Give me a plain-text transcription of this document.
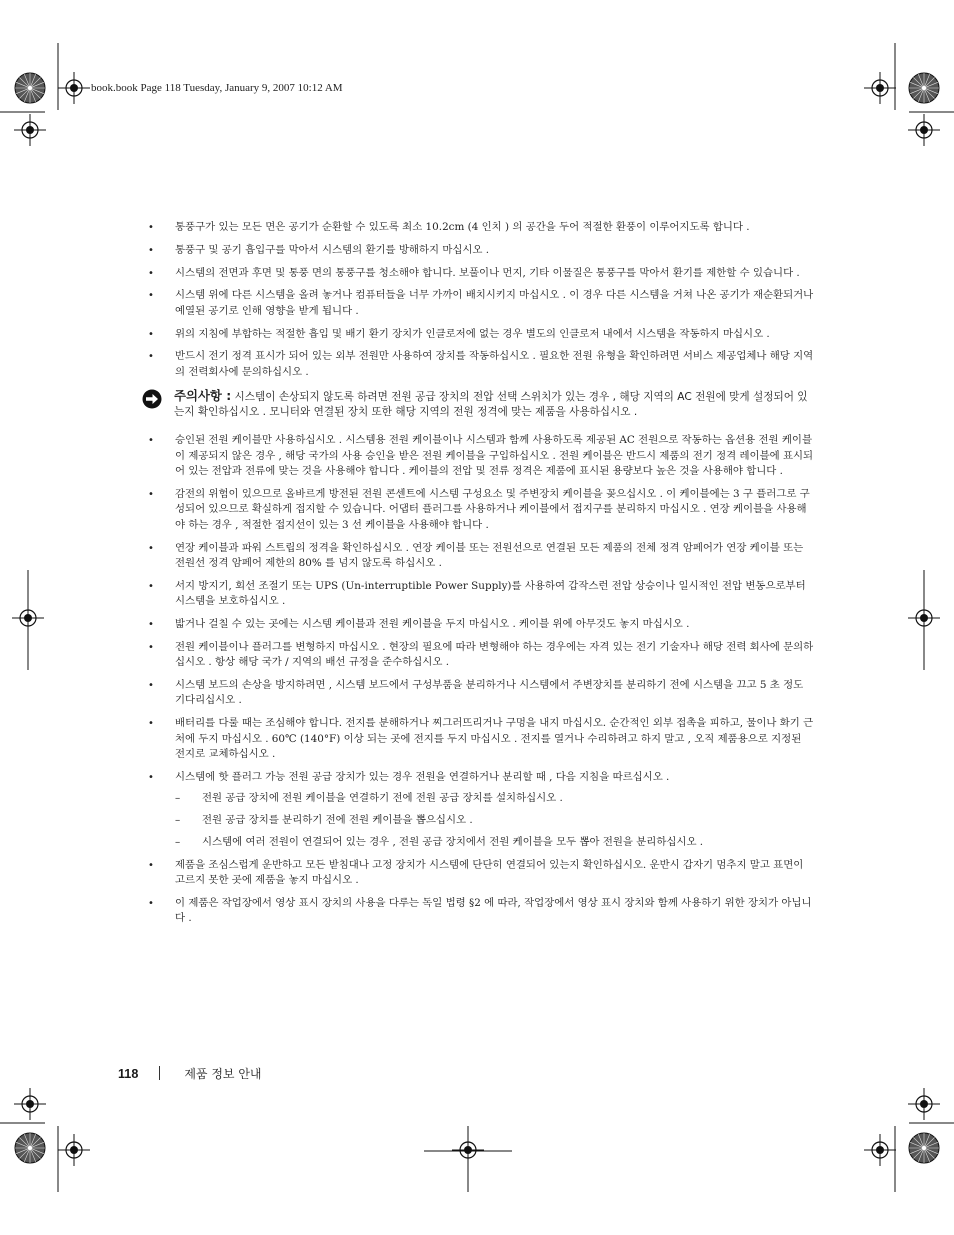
book.book Page 118 Tuesday, January 9, 2007 10:12 AM
• 통풍구가 있는 모든 면은 공기가 순환할 수 있도록 최소 10.2cm (4 인치 ) 의 공간을 두어 적절한 환풍이 이루어지도록 합니다 .
• 통풍구 및 공기 흡입구를 막아서 시스템의 환기를 방해하지 마십시오 .
• 시스템의 전면과 후면 및 통풍 면의 통풍구를 청소해야 합니다. 보풀이나 먼지, 기타 이물질은 통풍구를 막아서 환기를 제한할 수 있습니다 .
• 시스템 위에 다른 시스템을 올려 놓거나 컴퓨터들을 너무 가까이 배치시키지 마십시오 . 이 경우 다른 시스템을 거쳐 나온 공기가 재순환되거나 예열된 공기로 인해 영향을 받게 됩니다 .
• 위의 지침에 부합하는 적절한 흡입 및 배기 환기 장치가 인클로저에 없는 경우 별도의 인클로저 내에서 시스템을 작동하지 마십시오 .
• 반드시 전기 정격 표시가 되어 있는 외부 전원만 사용하여 장치를 작동하십시오 . 필요한 전원 유형을 확인하려면 서비스 제공업체나 해당 지역의 전력회사에 문의하십시오 .
주의사항 : 시스템이 손상되지 않도록 하려면 전원 공급 장치의 전압 선택 스위치가 있는 경우 , 해당 지역의 AC 전원에 맞게 설정되어 있는지 확인하십시오 . 모니터와 연결된 장치 또한 해당 지역의 전원 정격에 맞는 제품을 사용하십시오 .
• 승인된 전원 케이블만 사용하십시오 . 시스템용 전원 케이블이나 시스템과 함께 사용하도록 제공된 AC 전원으로 작동하는 옵션용 전원 케이블이 제공되지 않은 경우 , 해당 국가의 사용 승인을 받은 전원 케이블을 구입하십시오 . 전원 케이블은 반드시 제품의 전기 정격 레이블에 표시되어 있는 전압과 전류에 맞는 것을 사용해야 합니다 . 케이블의 전압 및 전류 정격은 제품에 표시된 용량보다 높은 것을 사용해야 합니다 .
• 감전의 위험이 있으므로 올바르게 방전된 전원 콘센트에 시스템 구성요소 및 주변장치 케이블을 꽂으십시오 . 이 케이블에는 3 구 플러그로 구성되어 있으므로 확실하게 접지할 수 있습니다. 어댑터 플러그를 사용하거나 케이블에서 접지구를 분리하지 마십시오 . 연장 케이블을 사용해야 하는 경우 , 적절한 접지선이 있는 3 선 케이블을 사용해야 합니다 .
• 연장 케이블과 파워 스트립의 정격을 확인하십시오 . 연장 케이블 또는 전원선으로 연결된 모든 제품의 전체 정격 암페어가 연장 케이블 또는 전원선 정격 암페어 제한의 80% 를 넘지 않도록 하십시오 .
• 서지 방지기, 회선 조절기 또는 UPS (Un-interruptible Power Supply)를 사용하여 갑작스런 전압 상승이나 일시적인 전압 변동으로부터 시스템을 보호하십시오 .
• 밟거나 걸칠 수 있는 곳에는 시스템 케이블과 전원 케이블을 두지 마십시오 . 케이블 위에 아무것도 놓지 마십시오 .
• 전원 케이블이나 플러그를 변형하지 마십시오 . 현장의 필요에 따라 변형해야 하는 경우에는 자격 있는 전기 기술자나 해당 전력 회사에 문의하십시오 . 항상 해당 국가 / 지역의 배선 규정을 준수하십시오 .
• 시스템 보드의 손상을 방지하려면 , 시스템 보드에서 구성부품을 분리하거나 시스템에서 주변장치를 분리하기 전에 시스템을 끄고 5 초 정도 기다리십시오 .
• 배터리를 다룰 때는 조심해야 합니다. 전지를 분해하거나 찌그러뜨리거나 구멍을 내지 마십시오. 순간적인 외부 접촉을 피하고, 물이나 화기 근처에 두지 마십시오 . 60℃ (140°F) 이상 되는 곳에 전지를 두지 마십시오 . 전지를 열거나 수리하려고 하지 말고 , 오직 제품용으로 지정된 전지로 교체하십시오 .
• 시스템에 핫 플러그 가능 전원 공급 장치가 있는 경우 전원을 연결하거나 분리할 때 , 다음 지침을 따르십시오 .
– 전원 공급 장치에 전원 케이블을 연결하기 전에 전원 공급 장치를 설치하십시오 .
– 전원 공급 장치를 분리하기 전에 전원 케이블을 뽑으십시오 .
– 시스템에 여러 전원이 연결되어 있는 경우 , 전원 공급 장치에서 전원 케이블을 모두 뽑아 전원을 분리하십시오 .
• 제품을 조심스럽게 운반하고 모든 받침대나 고정 장치가 시스템에 단단히 연결되어 있는지 확인하십시오. 운반시 갑자기 멈추지 말고 표면이 고르지 못한 곳에 제품을 놓지 마십시오 .
• 이 제품은 작업장에서 영상 표시 장치의 사용을 다루는 독일 법령 §2 에 따라, 작업장에서 영상 표시 장치와 함께 사용하기 위한 장치가 아닙니다 .
118	제품 정보 안내
